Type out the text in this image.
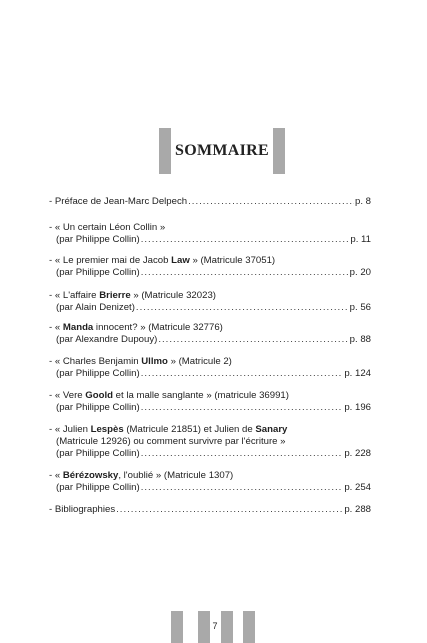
SOMMAIRE
- Préface de Jean-Marc Delpech .....	p. 8
- « Un certain Léon Collin »
(par Philippe Collin) .....	p. 11
- « Le premier mai de Jacob Law » (Matricule 37051)
(par Philippe Collin) .....	p. 20
- « L'affaire Brierre » (Matricule 32023)
(par Alain Denizet) .....	p. 56
- « Manda innocent? » (Matricule 32776)
(par Alexandre Dupouy) .....	p. 88
- « Charles Benjamin Ullmo » (Matricule 2)
(par Philippe Collin) .....	p. 124
- « Vere Goold et la malle sanglante » (matricule 36991)
(par Philippe Collin) .....	p. 196
- « Julien Lespès (Matricule 21851) et Julien de Sanary
(Matricule 12926) ou comment survivre par l'écriture »
(par Philippe Collin) .....	p. 228
- « Bérézowsky, l'oublié » (Matricule 1307)
(par Philippe Collin) .....	p. 254
- Bibliographies .....	p. 288
7
